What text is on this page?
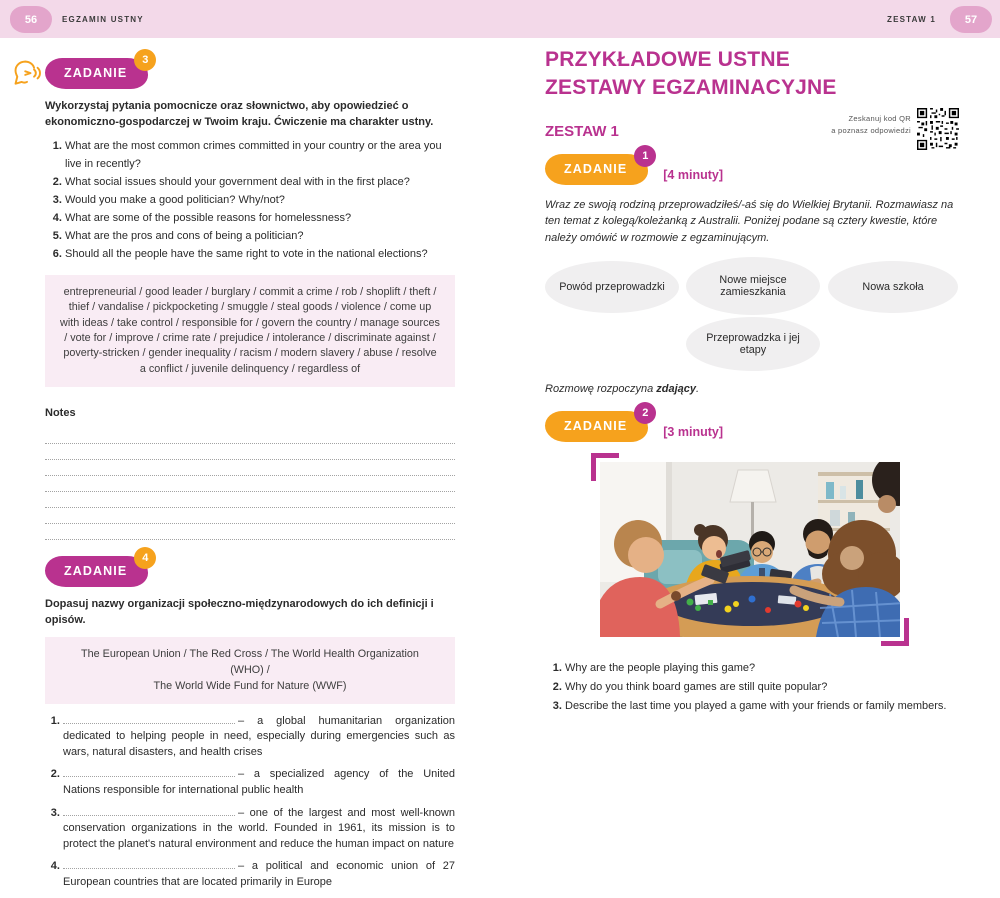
56	EGZAMIN USTNY	ZESTAW 1	57
ZADANIE
3

Wykorzystaj pytania pomocnicze oraz słownictwo, aby opowiedzieć o ekonomiczno-gospodarczej w Twoim kraju. Ćwiczenie ma charakter ustny.

1. What are the most common crimes committed in your country or the area you live in recently?
2. What social issues should your government deal with in the first place?
3. Would you make a good politician? Why/not?
4. What are some of the possible reasons for homelessness?
5. What are the pros and cons of being a politician?
6. Should all the people have the same right to vote in the national elections?
entrepreneurial / good leader / burglary / commit a crime / rob / shoplift / theft / thief / vandalise / pickpocketing / smuggle / steal goods / violence / come up with ideas / take control / responsible for / govern the country / manage sources / vote for / improve / crime rate / prejudice / intolerance / discriminate against / poverty-stricken / gender inequality / racism / modern slavery / abuse / resolve a conflict / juvenile delinquency / regardless of
Notes
ZADANIE
4

Dopasuj nazwy organizacji społeczno-międzynarodowych do ich definicji i opisów.

The European Union / The Red Cross / The World Health Organization (WHO) /
The World Wide Fund for Nature (WWF)
1. – a global humanitarian organization dedicated to helping people in need, especially during emergencies such as wars, natural disasters, and health crises
2. – a specialized agency of the United Nations responsible for international public health
3. – one of the largest and most well-known conservation organizations in the world. Founded in 1961, its mission is to protect the planet's natural environment and reduce the human impact on nature
4. – a political and economic union of 27 European countries that are located primarily in Europe
PRZYKŁADOWE USTNE
ZESTAWY EGZAMINACYJNE
ZESTAW 1
Zeskanuj kod QR
a poznasz odpowiedzi
ZADANIE
1
[4 minuty]

Wraz ze swoją rodziną przeprowadziłeś/-aś się do Wielkiej Brytanii. Rozmawiasz na ten temat z kolegą/koleżanką z Australii. Poniżej podane są cztery kwestie, które należy omówić w rozmowie z egzaminującym.

Powód przeprowadzki
Nowe miejsce zamieszkania	Nowa szkoła
Przeprowadzka i jej etapy

Rozmowę rozpoczyna zdający.

ZADANIE
2
[3 minuty]
1. Why are the people playing this game?
2. Why do you think board games are still quite popular?
3. Describe the last time you played a game with your friends or family members.
